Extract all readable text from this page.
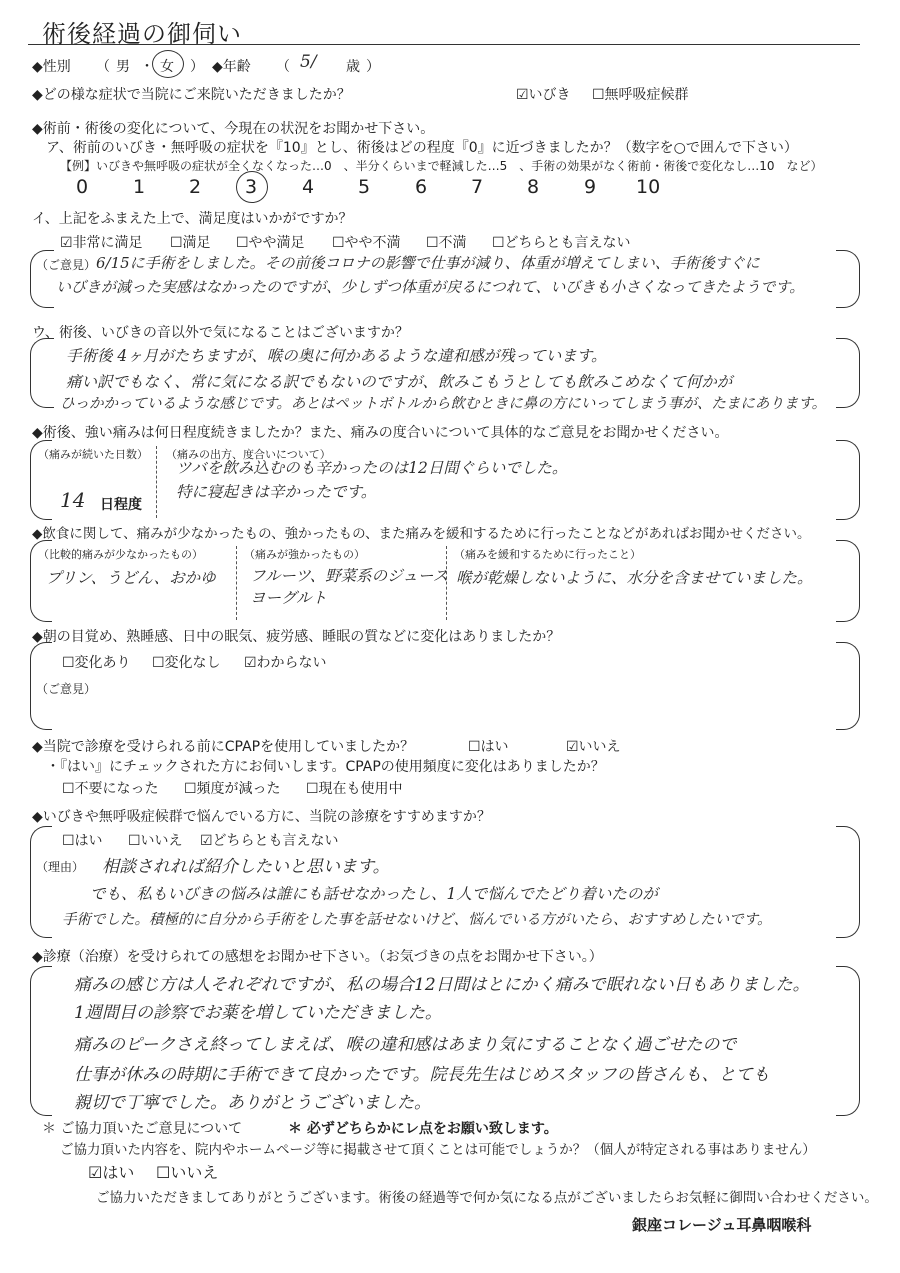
術後経過の御伺い
◆性別 （ 男 ・ 女 ） ◆年齢 （ 5/ 歳 ）
◆どの様な症状で当院にご来院いただきましたか？	☑いびき ☐無呼吸症候群
◆術前・術後の変化について、今現在の状況をお聞かせ下さい。
ア、術前のいびき・無呼吸の症状を『10』とし、術後はどの程度『0』に近づきましたか？（数字を○で囲んで下さい）
【例】いびきや無呼吸の症状が全くなくなった…0　、半分くらいまで軽減した…5　、手術の効果がなく術前・術後で変化なし…10　など）
0 1 2 3 4 5 6 7 8 9 10
イ、上記をふまえた上で、満足度はいかがですか？
☑非常に満足 ☐満足 ☐やや満足 ☐やや不満 ☐不満 ☐どちらとも言えない
（ご意見） 6/15に手術をしました。その前後コロナの影響で仕事が減り、体重が増えてしまい、手術後すぐに
いびきが減った実感はなかったのですが、少しずつ体重が戻るにつれて、いびきも小さくなってきたようです。
ウ、術後、いびきの音以外で気になることはございますか？
手術後 4ヶ月がたちますが、喉の奥に何かあるような違和感が残っています。
痛い訳でもなく、常に気になる訳でもないのですが、飲みこもうとしても飲みこめなくて何かが
ひっかかっているような感じです。あとはペットボトルから飲むときに鼻の方にいってしまう事が、たまにあります。
◆術後、強い痛みは何日程度続きましたか？また、痛みの度合いについて具体的なご意見をお聞かせください。
（痛みが続いた日数）
14 日程度
（痛みの出方、度合いについて）
ツバを飲み込むのも辛かったのは12日間ぐらいでした。
特に寝起きは辛かったです。
◆飲食に関して、痛みが少なかったもの、強かったもの、また痛みを緩和するために行ったことなどがあればお聞かせください。
（比較的痛みが少なかったもの）
プリン、うどん、おかゆ
（痛みが強かったもの）
フルーツ、野菜系のジュース
ヨーグルト
（痛みを緩和するために行ったこと）
喉が乾燥しないように、水分を含ませていました。
◆朝の目覚め、熟睡感、日中の眠気、疲労感、睡眠の質などに変化はありましたか？
☐変化あり ☐変化なし ☑わからない
（ご意見）
◆当院で診療を受けられる前にCPAPを使用していましたか？	☐はい	☑いいえ
・『はい』にチェックされた方にお伺いします。CPAPの使用頻度に変化はありましたか？
☐不要になった ☐頻度が減った ☐現在も使用中
◆いびきや無呼吸症候群で悩んでいる方に、当院の診療をすすめますか？
☐はい ☐いいえ ☑どちらとも言えない
（理由） 相談されれば紹介したいと思います。
でも、私もいびきの悩みは誰にも話せなかったし、1人で悩んでたどり着いたのが
手術でした。積極的に自分から手術をした事を話せないけど、悩んでいる方がいたら、おすすめしたいです。
◆診療（治療）を受けられての感想をお聞かせ下さい。（お気づきの点をお聞かせ下さい。）
痛みの感じ方は人それぞれですが、私の場合12日間はとにかく痛みで眠れない日もありました。
1週間目の診察でお薬を増していただきました。
痛みのピークさえ終ってしまえば、喉の違和感はあまり気にすることなく過ごせたので
仕事が休みの時期に手術できて良かったです。院長先生はじめスタッフの皆さんも、とても
親切で丁寧でした。ありがとうございました。
＊ ご協力頂いたご意見について	＊ 必ずどちらかにレ点をお願い致します。
ご協力頂いた内容を、院内やホームページ等に掲載させて頂くことは可能でしょうか？（個人が特定される事はありません）
☑はい ☐いいえ
ご協力いただきましてありがとうございます。術後の経過等で何か気になる点がございましたらお気軽に御問い合わせください。
銀座コレージュ耳鼻咽喉科
